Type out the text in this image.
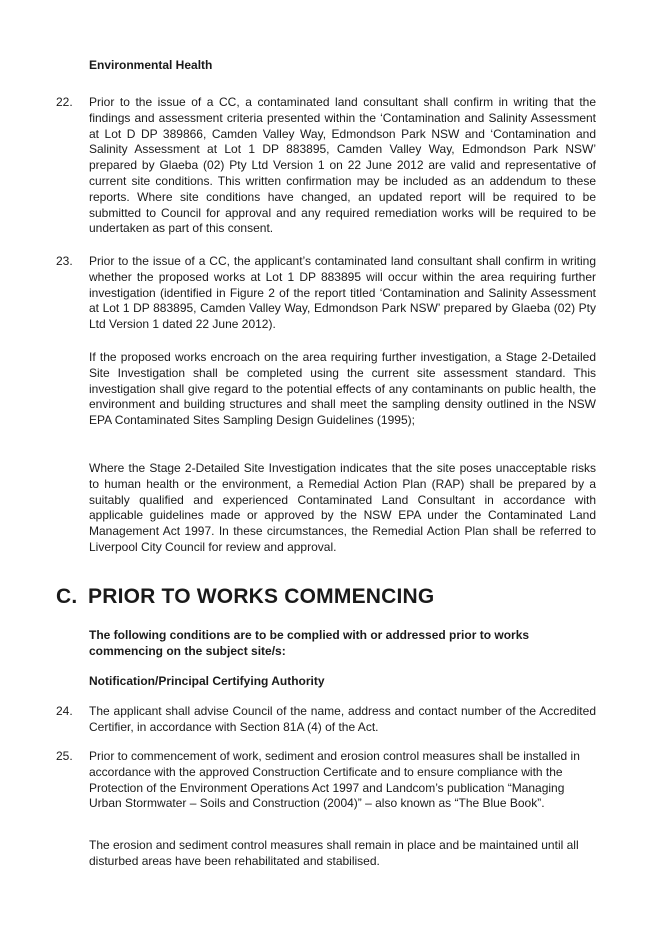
Environmental Health

22. Prior to the issue of a CC, a contaminated land consultant shall confirm in writing that the findings and assessment criteria presented within the ‘Contamination and Salinity Assessment at Lot D DP 389866, Camden Valley Way, Edmondson Park NSW and ‘Contamination and Salinity Assessment at Lot 1 DP 883895, Camden Valley Way, Edmondson Park NSW’ prepared by Glaeba (02) Pty Ltd Version 1 on 22 June 2012 are valid and representative of current site conditions. This written confirmation may be included as an addendum to these reports. Where site conditions have changed, an updated report will be required to be submitted to Council for approval and any required remediation works will be required to be undertaken as part of this consent.

23. Prior to the issue of a CC, the applicant’s contaminated land consultant shall confirm in writing whether the proposed works at Lot 1 DP 883895 will occur within the area requiring further investigation (identified in Figure 2 of the report titled ‘Contamination and Salinity Assessment at Lot 1 DP 883895, Camden Valley Way, Edmondson Park NSW’ prepared by Glaeba (02) Pty Ltd Version 1 dated 22 June 2012).

If the proposed works encroach on the area requiring further investigation, a Stage 2-Detailed Site Investigation shall be completed using the current site assessment standard. This investigation shall give regard to the potential effects of any contaminants on public health, the environment and building structures and shall meet the sampling density outlined in the NSW EPA Contaminated Sites Sampling Design Guidelines (1995);

Where the Stage 2-Detailed Site Investigation indicates that the site poses unacceptable risks to human health or the environment, a Remedial Action Plan (RAP) shall be prepared by a suitably qualified and experienced Contaminated Land Consultant in accordance with applicable guidelines made or approved by the NSW EPA under the Contaminated Land Management Act 1997. In these circumstances, the Remedial Action Plan shall be referred to Liverpool City Council for review and approval.

C. PRIOR TO WORKS COMMENCING

The following conditions are to be complied with or addressed prior to works commencing on the subject site/s:

Notification/Principal Certifying Authority

24. The applicant shall advise Council of the name, address and contact number of the Accredited Certifier, in accordance with Section 81A (4) of the Act.

25. Prior to commencement of work, sediment and erosion control measures shall be installed in accordance with the approved Construction Certificate and to ensure compliance with the Protection of the Environment Operations Act 1997 and Landcom’s publication “Managing Urban Stormwater – Soils and Construction (2004)” – also known as “The Blue Book”.

The erosion and sediment control measures shall remain in place and be maintained until all disturbed areas have been rehabilitated and stabilised.
